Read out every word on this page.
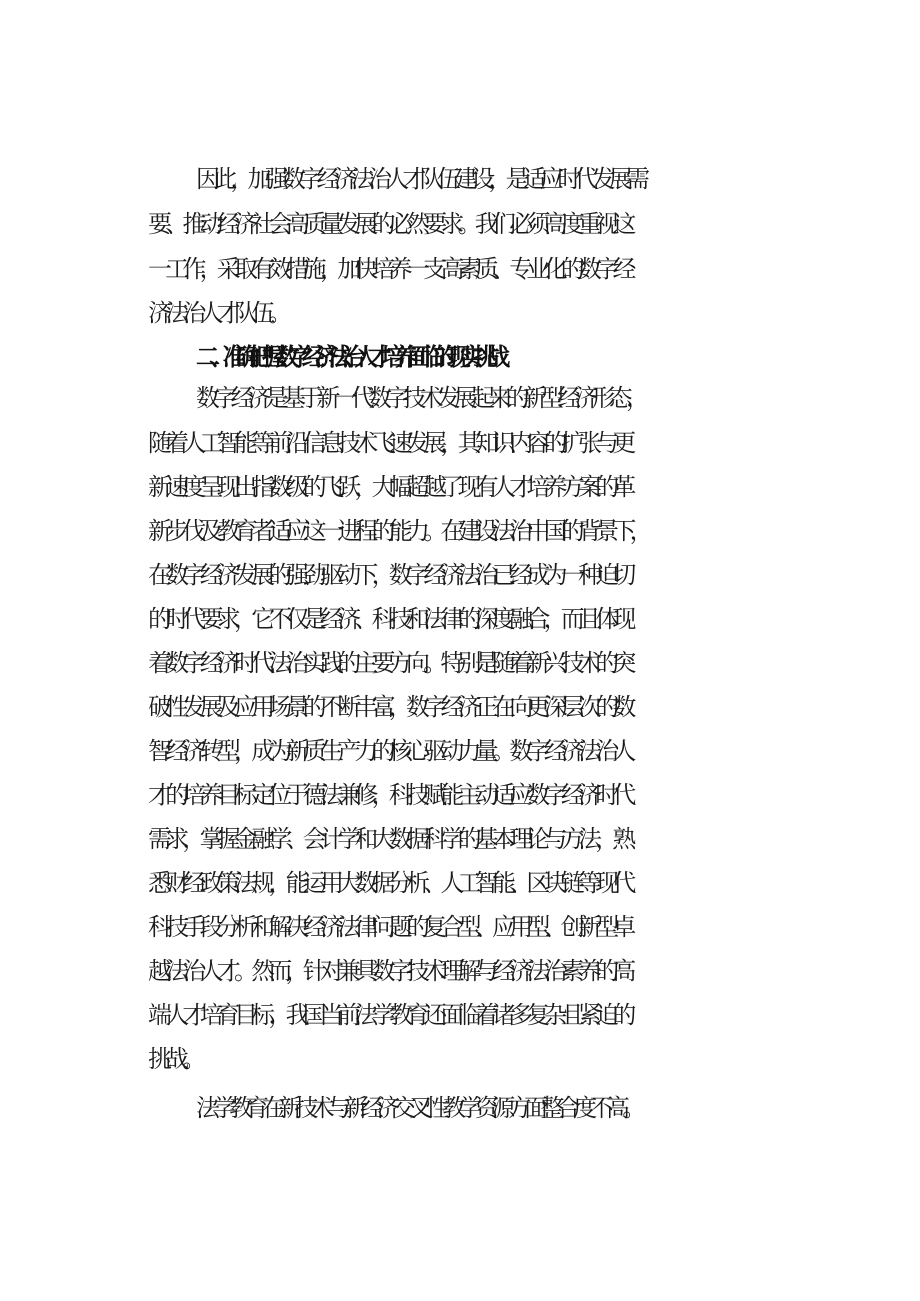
因此，加强数字经济法治人才队伍建设，是适应时代发展需
要、推动经济社会高质量发展的必然要求。我们必须高度重视这
一工作，采取有效措施，加快培养一支高素质、专业化的数字经
济法治人才队伍。
二、准确把握数字经济法治人才培养面临的现实挑战
数字经济是基于新一代数字技术发展起来的新型经济形态，
随着人工智能等前沿信息技术飞速发展，其知识内容的扩张与更
新速度呈现出指数级的飞跃，大幅超越了现有人才培养方案的革
新步伐及教育者适应这一进程的能力。在建设法治中国的背景下，
在数字经济发展的强劲驱动下，数字经济法治已经成为一种迫切
的时代要求，它不仅是经济、科技和法律的深度融合，而且体现
着数字经济时代法治实践的主要方向。特别是随着新兴技术的突
破性发展及应用场景的不断丰富，数字经济正在向更深层次的数
智经济转型，成为新质生产力的核心驱动力量。数字经济法治人
才的培养目标定位于德法兼修，科技赋能主动适应数字经济时代
需求，掌握金融学、会计学和大数据科学的基本理论与方法，熟
悉财经政策法规，能运用大数据分析、人工智能、区块链等现代
科技手段分析和解决经济法律问题的复合型、应用型、创新型卓
越法治人才。然而，针对兼具数字技术理解与经济法治素养的高
端人才培育目标，我国当前法学教育还面临着诸多复杂且紧迫的
挑战。
法学教育在新技术与新经济交叉性教学资源方面整合度不高。
